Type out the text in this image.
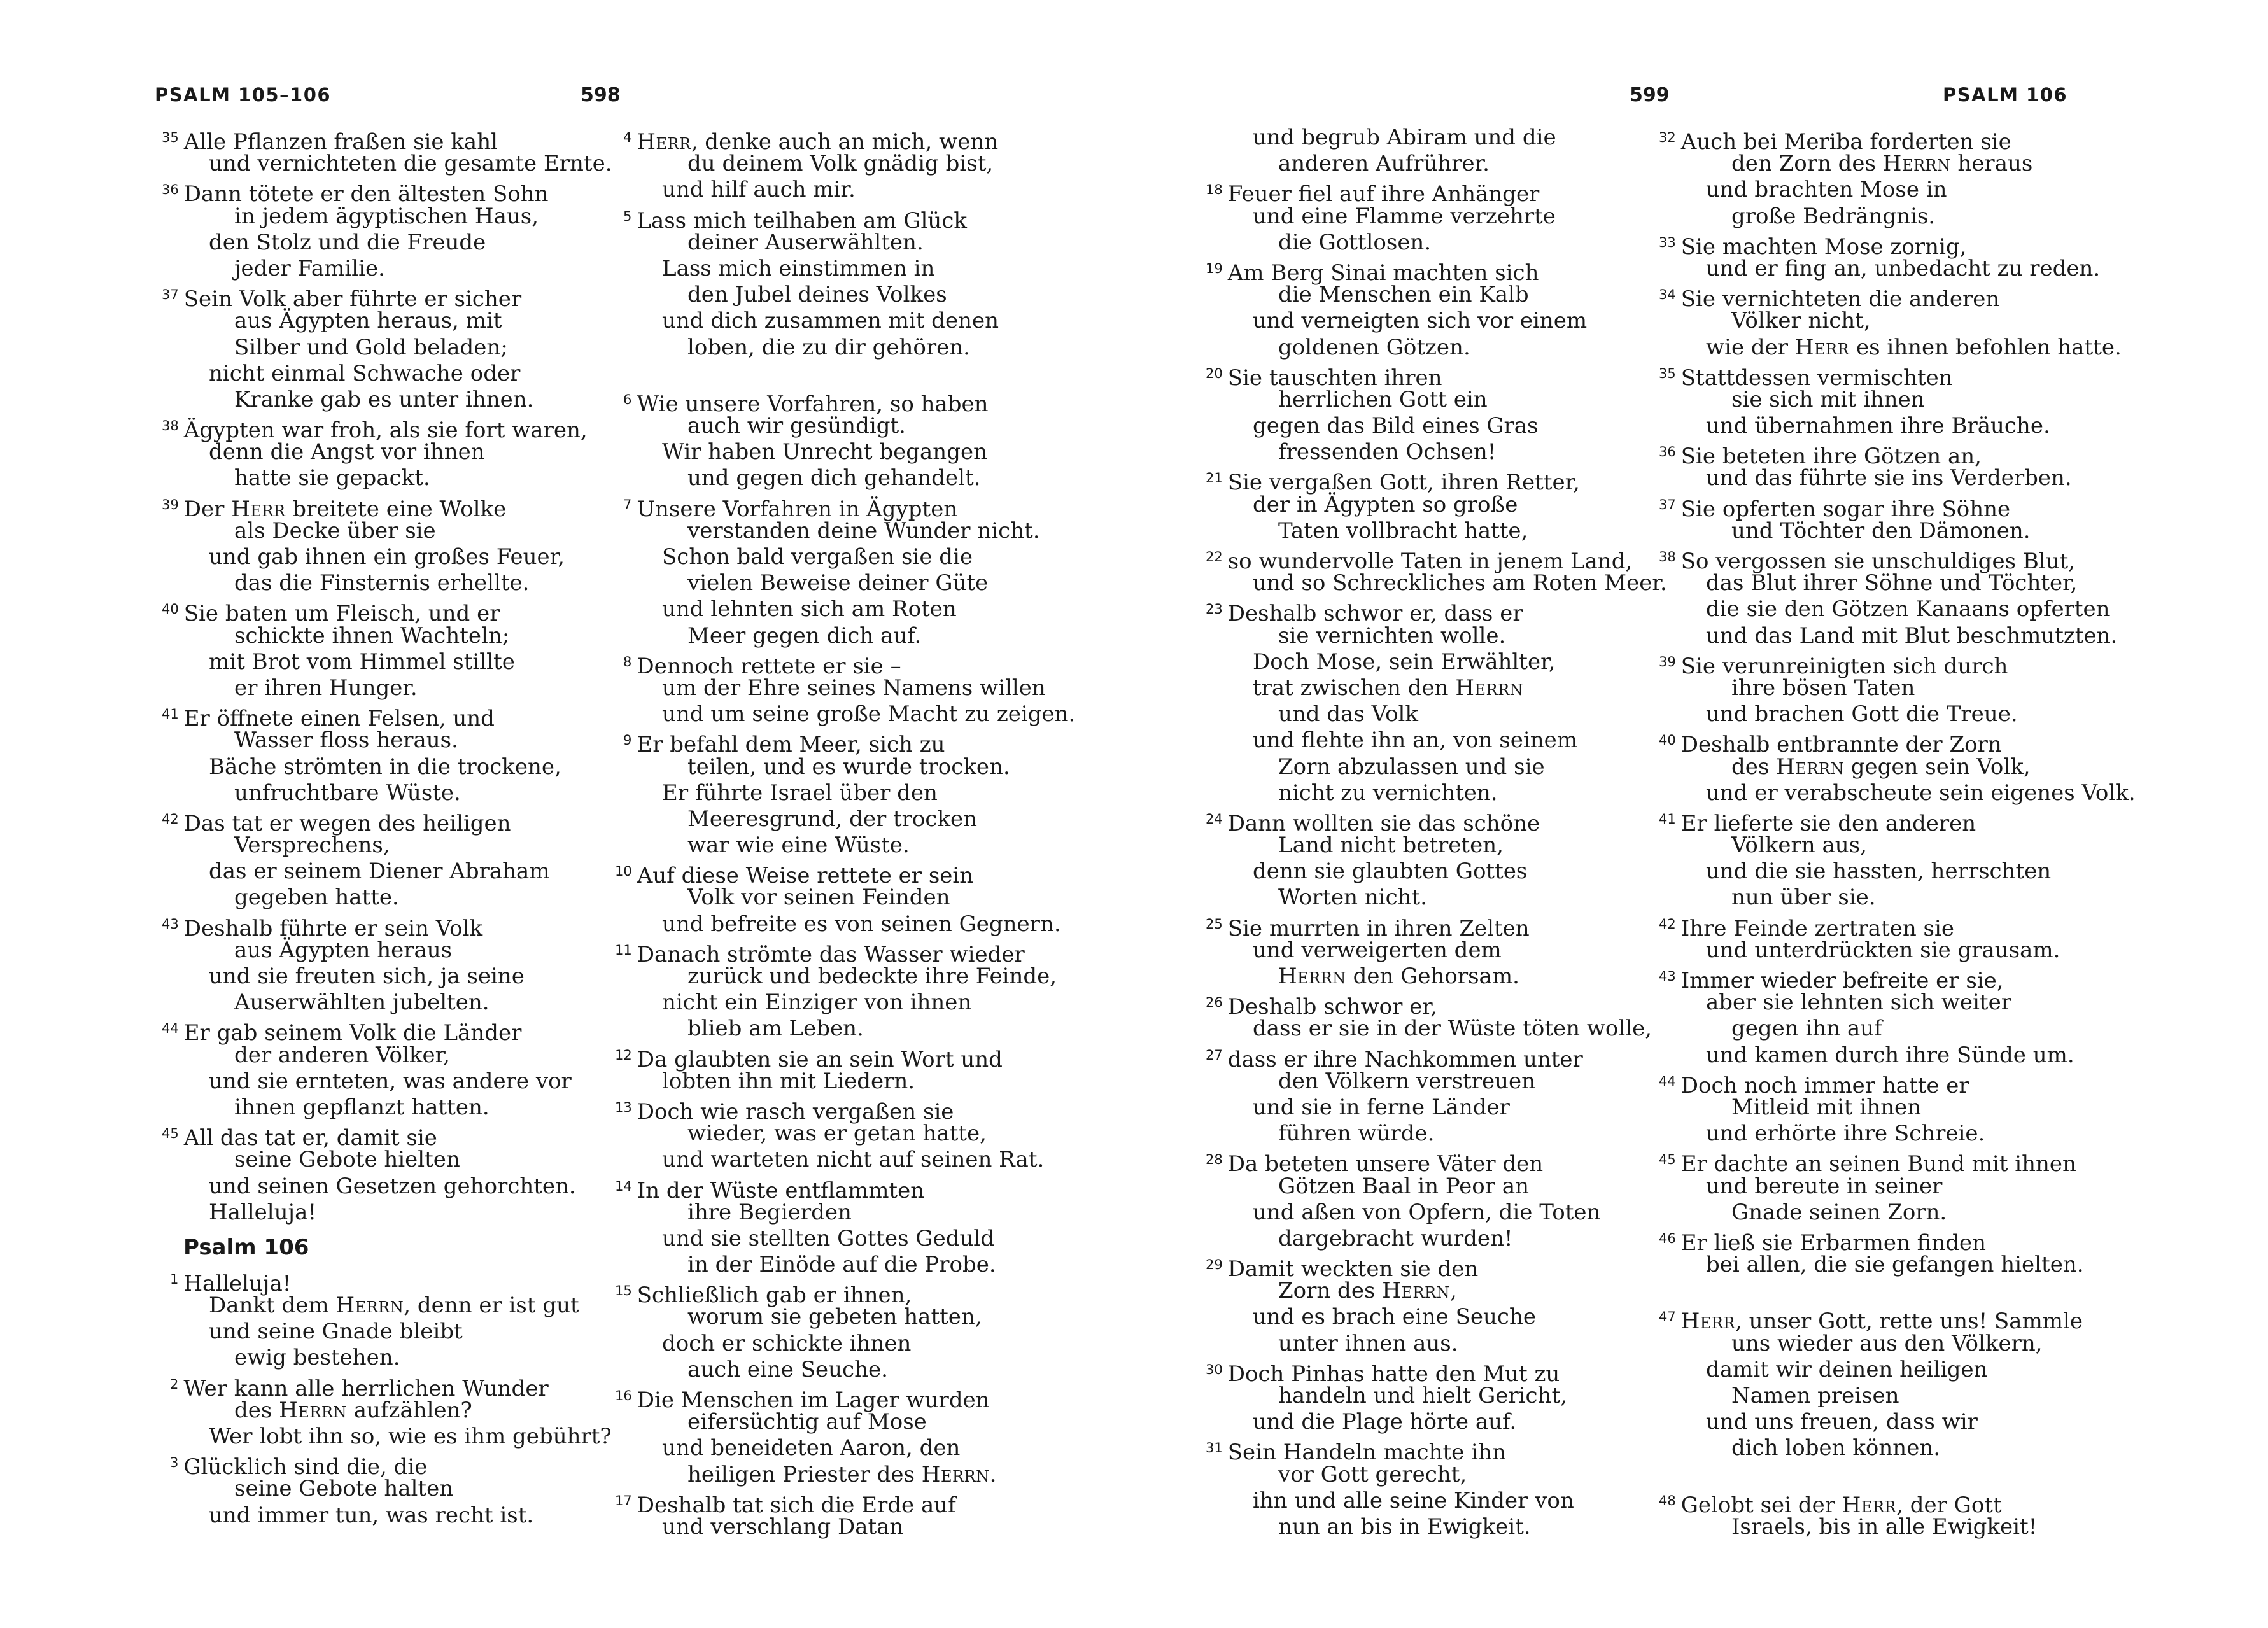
PSALM 105–106	598	599	PSALM 106
$^{35}$ Alle Pflanzen fraßen sie kahl
und vernichteten die gesamte Ernte.
$^{36}$ Dann tötete er den ältesten Sohn
in jedem ägyptischen Haus,
den Stolz und die Freude
jeder Familie.
$^{37}$ Sein Volk aber führte er sicher
aus Ägypten heraus, mit
Silber und Gold beladen;
nicht einmal Schwache oder
Kranke gab es unter ihnen.
$^{38}$ Ägypten war froh, als sie fort waren,
denn die Angst vor ihnen
hatte sie gepackt.
$^{39}$ Der Herr breitete eine Wolke
als Decke über sie
und gab ihnen ein großes Feuer,
das die Finsternis erhellte.
$^{40}$ Sie baten um Fleisch, und er
schickte ihnen Wachteln;
mit Brot vom Himmel stillte
er ihren Hunger.
$^{41}$ Er öffnete einen Felsen, und
Wasser floss heraus.
Bäche strömten in die trockene,
unfruchtbare Wüste.
$^{42}$ Das tat er wegen des heiligen
Versprechens,
das er seinem Diener Abraham
gegeben hatte.
$^{43}$ Deshalb führte er sein Volk
aus Ägypten heraus
und sie freuten sich, ja seine
Auserwählten jubelten.
$^{44}$ Er gab seinem Volk die Länder
der anderen Völker,
und sie ernteten, was andere vor
ihnen gepflanzt hatten.
$^{45}$ All das tat er, damit sie
seine Gebote hielten
und seinen Gesetzen gehorchten.
Halleluja!
Psalm 106
$^1$ Halleluja!
Dankt dem Herrn, denn er ist gut
und seine Gnade bleibt
ewig bestehen.
$^2$ Wer kann alle herrlichen Wunder
des Herrn aufzählen?
Wer lobt ihn so, wie es ihm gebührt?
$^3$ Glücklich sind die, die
seine Gebote halten
und immer tun, was recht ist.
$^4$ Herr, denke auch an mich, wenn
du deinem Volk gnädig bist,
und hilf auch mir.
$^5$ Lass mich teilhaben am Glück
deiner Auserwählten.
Lass mich einstimmen in
den Jubel deines Volkes
und dich zusammen mit denen
loben, die zu dir gehören.
$^6$ Wie unsere Vorfahren, so haben
auch wir gesündigt.
Wir haben Unrecht begangen
und gegen dich gehandelt.
$^7$ Unsere Vorfahren in Ägypten
verstanden deine Wunder nicht.
Schon bald vergaßen sie die
vielen Beweise deiner Güte
und lehnten sich am Roten
Meer gegen dich auf.
$^8$ Dennoch rettete er sie –
um der Ehre seines Namens willen
und um seine große Macht zu zeigen.
$^9$ Er befahl dem Meer, sich zu
teilen, und es wurde trocken.
Er führte Israel über den
Meeresgrund, der trocken
war wie eine Wüste.
$^{10}$ Auf diese Weise rettete er sein
Volk vor seinen Feinden
und befreite es von seinen Gegnern.
$^{11}$ Danach strömte das Wasser wieder
zurück und bedeckte ihre Feinde,
nicht ein Einziger von ihnen
blieb am Leben.
$^{12}$ Da glaubten sie an sein Wort und
lobten ihn mit Liedern.
$^{13}$ Doch wie rasch vergaßen sie
wieder, was er getan hatte,
und warteten nicht auf seinen Rat.
$^{14}$ In der Wüste entflammten
ihre Begierden
und sie stellten Gottes Geduld
in der Einöde auf die Probe.
$^{15}$ Schließlich gab er ihnen,
worum sie gebeten hatten,
doch er schickte ihnen
auch eine Seuche.
$^{16}$ Die Menschen im Lager wurden
eifersüchtig auf Mose
und beneideten Aaron, den
heiligen Priester des Herrn.
$^{17}$ Deshalb tat sich die Erde auf
und verschlang Datan
und begrub Abiram und die
anderen Aufrührer.
$^{18}$ Feuer fiel auf ihre Anhänger
und eine Flamme verzehrte
die Gottlosen.
$^{19}$ Am Berg Sinai machten sich
die Menschen ein Kalb
und verneigten sich vor einem
goldenen Götzen.
$^{20}$ Sie tauschten ihren
herrlichen Gott ein
gegen das Bild eines Gras
fressenden Ochsen!
$^{21}$ Sie vergaßen Gott, ihren Retter,
der in Ägypten so große
Taten vollbracht hatte,
$^{22}$ so wundervolle Taten in jenem Land,
und so Schreckliches am Roten Meer.
$^{23}$ Deshalb schwor er, dass er
sie vernichten wolle.
Doch Mose, sein Erwählter,
trat zwischen den Herrn
und das Volk
und flehte ihn an, von seinem
Zorn abzulassen und sie
nicht zu vernichten.
$^{24}$ Dann wollten sie das schöne
Land nicht betreten,
denn sie glaubten Gottes
Worten nicht.
$^{25}$ Sie murrten in ihren Zelten
und verweigerten dem
Herrn den Gehorsam.
$^{26}$ Deshalb schwor er,
dass er sie in der Wüste töten wolle,
$^{27}$ dass er ihre Nachkommen unter
den Völkern verstreuen
und sie in ferne Länder
führen würde.
$^{28}$ Da beteten unsere Väter den
Götzen Baal in Peor an
und aßen von Opfern, die Toten
dargebracht wurden!
$^{29}$ Damit weckten sie den
Zorn des Herrn,
und es brach eine Seuche
unter ihnen aus.
$^{30}$ Doch Pinhas hatte den Mut zu
handeln und hielt Gericht,
und die Plage hörte auf.
$^{31}$ Sein Handeln machte ihn
vor Gott gerecht,
ihn und alle seine Kinder von
nun an bis in Ewigkeit.
$^{32}$ Auch bei Meriba forderten sie
den Zorn des Herrn heraus
und brachten Mose in
große Bedrängnis.
$^{33}$ Sie machten Mose zornig,
und er fing an, unbedacht zu reden.
$^{34}$ Sie vernichteten die anderen
Völker nicht,
wie der Herr es ihnen befohlen hatte.
$^{35}$ Stattdessen vermischten
sie sich mit ihnen
und übernahmen ihre Bräuche.
$^{36}$ Sie beteten ihre Götzen an,
und das führte sie ins Verderben.
$^{37}$ Sie opferten sogar ihre Söhne
und Töchter den Dämonen.
$^{38}$ So vergossen sie unschuldiges Blut,
das Blut ihrer Söhne und Töchter,
die sie den Götzen Kanaans opferten
und das Land mit Blut beschmutzten.
$^{39}$ Sie verunreinigten sich durch
ihre bösen Taten
und brachen Gott die Treue.
$^{40}$ Deshalb entbrannte der Zorn
des Herrn gegen sein Volk,
und er verabscheute sein eigenes Volk.
$^{41}$ Er lieferte sie den anderen
Völkern aus,
und die sie hassten, herrschten
nun über sie.
$^{42}$ Ihre Feinde zertraten sie
und unterdrückten sie grausam.
$^{43}$ Immer wieder befreite er sie,
aber sie lehnten sich weiter
gegen ihn auf
und kamen durch ihre Sünde um.
$^{44}$ Doch noch immer hatte er
Mitleid mit ihnen
und erhörte ihre Schreie.
$^{45}$ Er dachte an seinen Bund mit ihnen
und bereute in seiner
Gnade seinen Zorn.
$^{46}$ Er ließ sie Erbarmen finden
bei allen, die sie gefangen hielten.
$^{47}$ Herr, unser Gott, rette uns! Sammle
uns wieder aus den Völkern,
damit wir deinen heiligen
Namen preisen
und uns freuen, dass wir
dich loben können.
$^{48}$ Gelobt sei der Herr, der Gott
Israels, bis in alle Ewigkeit!
